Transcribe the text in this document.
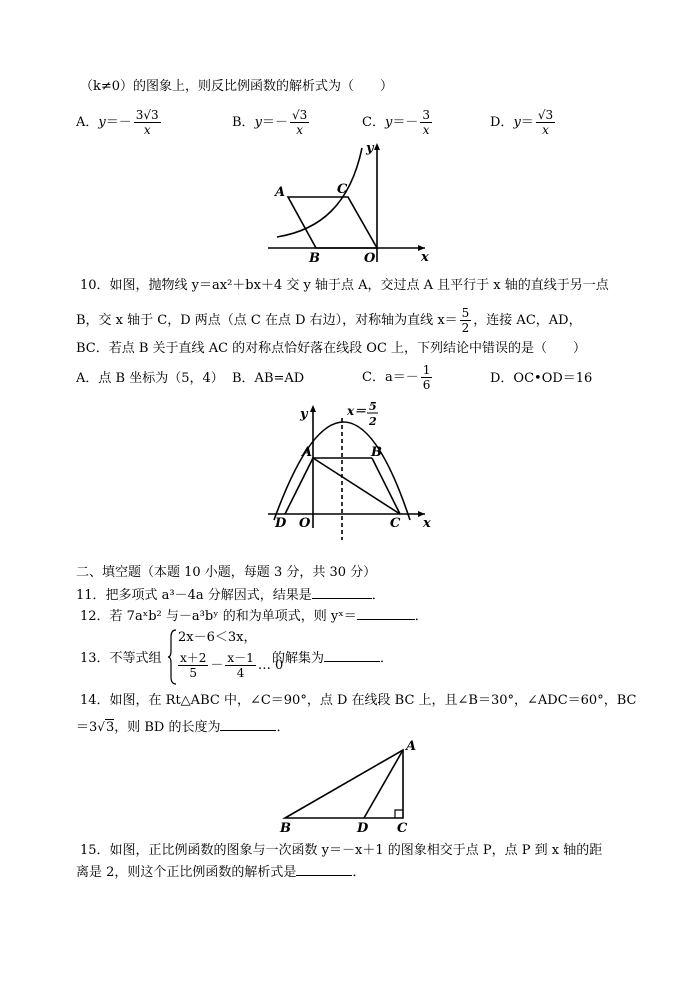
（k≠0）的图象上，则反比例函数的解析式为（　　）
A．$y=- \frac{3√3}{x}$	B．$y=- \frac{√3}{x}$	C．$y=- \frac{3}{x}$	D．$y= \frac{√3}{x}$
y
A	C
B	O	x
10．如图，抛物线 y＝ax²＋bx＋4 交 y 轴于点 A，交过点 A 且平行于 x 轴的直线于另一点
B，交 x 轴于 C，D 两点（点 C 在点 D 右边），对称轴为直线 $x= \frac{5}{2}$ ，连接 AC，AD，
BC．若点 B 关于直线 AC 的对称点恰好落在线段 OC 上，下列结论中错误的是（　　）
A．点 B 坐标为（5，4） B．AB=AD	C．$a=- \frac{1}{6}$	D．OC•OD＝16
y	x＝ 5
2
A	B
D O	C x
二、填空题（本题 10 小题，每题 3 分，共 30 分）
11．把多项式 a³－4a 分解因式，结果是	．
12．若 7aˣb² 与－a³bʸ 的和为单项式，则 yˣ＝	．
13．不等式组
2x－6＜3x，
$\frac{x+2}{5} - \frac{x-1}{4}$ … 0
的解集为	．
14．如图，在 Rt△ABC 中，∠C＝90°，点 D 在线段 BC 上，且∠B＝30°，∠ADC＝60°，BC
＝3√3，则 BD 的长度为	．
A
B	D C
15．如图，正比例函数的图象与一次函数 y＝－x＋1 的图象相交于点 P，点 P 到 x 轴的距
离是 2，则这个正比例函数的解析式是	．
